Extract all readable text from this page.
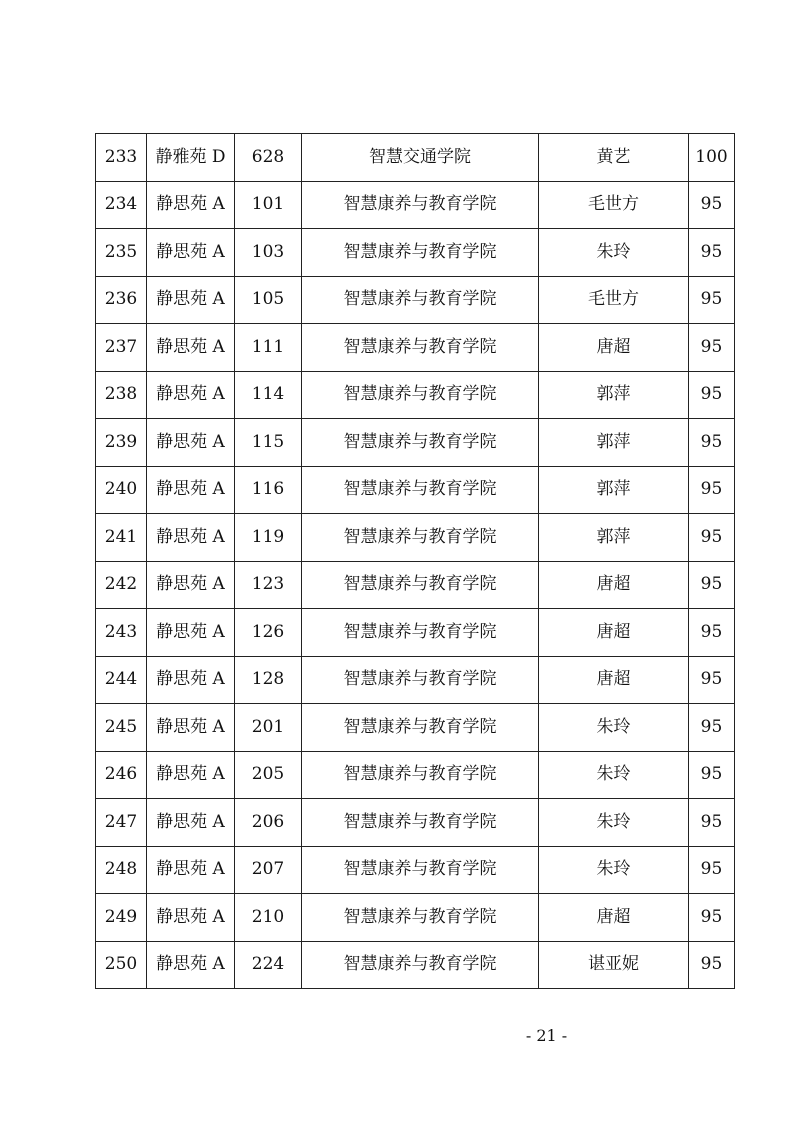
233	静雅苑 D	628	智慧交通学院	黄艺	100
234	静思苑 A	101	智慧康养与教育学院	毛世方	95
235	静思苑 A	103	智慧康养与教育学院	朱玲	95
236	静思苑 A	105	智慧康养与教育学院	毛世方	95
237	静思苑 A	111	智慧康养与教育学院	唐超	95
238	静思苑 A	114	智慧康养与教育学院	郭萍	95
239	静思苑 A	115	智慧康养与教育学院	郭萍	95
240	静思苑 A	116	智慧康养与教育学院	郭萍	95
241	静思苑 A	119	智慧康养与教育学院	郭萍	95
242	静思苑 A	123	智慧康养与教育学院	唐超	95
243	静思苑 A	126	智慧康养与教育学院	唐超	95
244	静思苑 A	128	智慧康养与教育学院	唐超	95
245	静思苑 A	201	智慧康养与教育学院	朱玲	95
246	静思苑 A	205	智慧康养与教育学院	朱玲	95
247	静思苑 A	206	智慧康养与教育学院	朱玲	95
248	静思苑 A	207	智慧康养与教育学院	朱玲	95
249	静思苑 A	210	智慧康养与教育学院	唐超	95
250	静思苑 A	224	智慧康养与教育学院	谌亚妮	95
- 21 -
